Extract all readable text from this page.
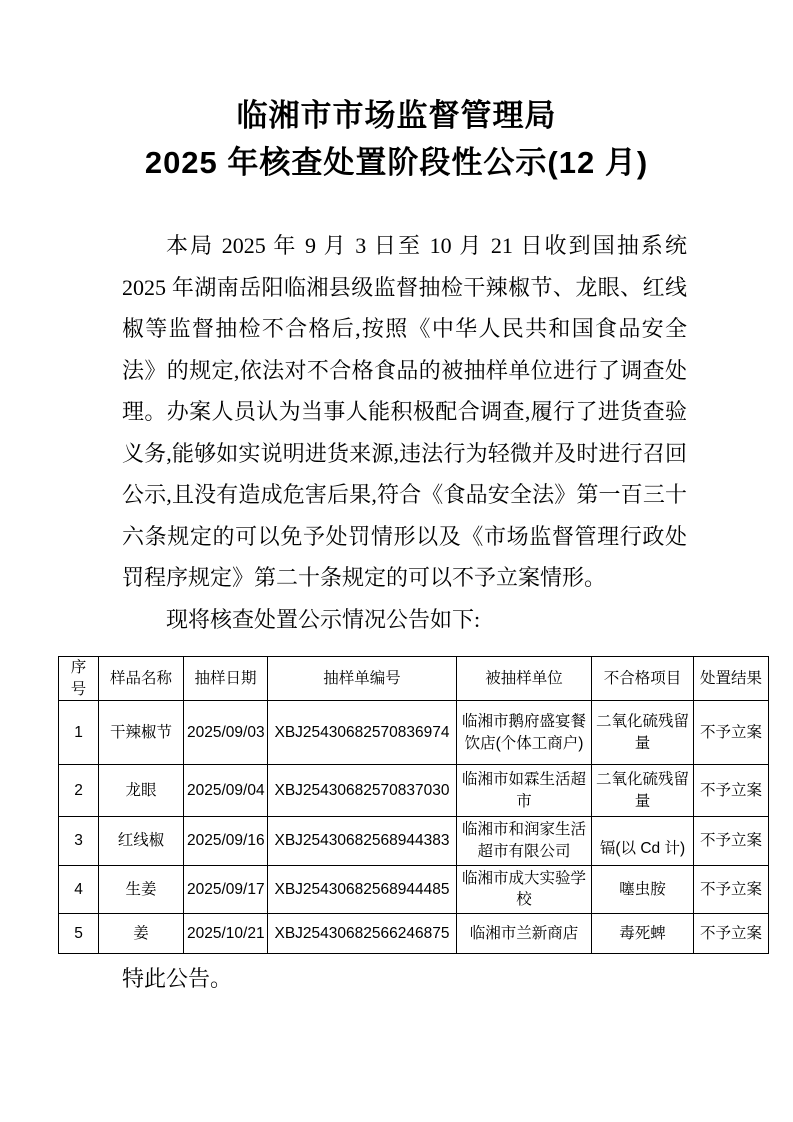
临湘市市场监督管理局
2025 年核查处置阶段性公示(12 月)
本局 2025 年 9 月 3 日至 10 月 21 日收到国抽系统 2025 年湖南岳阳临湘县级监督抽检干辣椒节、龙眼、红线椒等监督抽检不合格后,按照《中华人民共和国食品安全法》的规定,依法对不合格食品的被抽样单位进行了调查处理。办案人员认为当事人能积极配合调查,履行了进货查验义务,能够如实说明进货来源,违法行为轻微并及时进行召回公示,且没有造成危害后果,符合《食品安全法》第一百三十六条规定的可以免予处罚情形以及《市场监督管理行政处罚程序规定》第二十条规定的可以不予立案情形。
现将核查处置公示情况公告如下:
序号	样品名称	抽样日期	抽样单编号	被抽样单位	不合格项目	处置结果
1	干辣椒节	2025/09/03	XBJ25430682570836974	临湘市鹅府盛宴餐饮店(个体工商户)	二氧化硫残留量	不予立案
2	龙眼	2025/09/04	XBJ25430682570837030	临湘市如霖生活超市	二氧化硫残留量	不予立案
3	红线椒	2025/09/16	XBJ25430682568944383	临湘市和润家生活超市有限公司	镉(以 Cd 计)	不予立案
4	生姜	2025/09/17	XBJ25430682568944485	临湘市成大实验学校	噻虫胺	不予立案
5	姜	2025/10/21	XBJ25430682566246875	临湘市兰新商店	毒死蜱	不予立案
特此公告。
